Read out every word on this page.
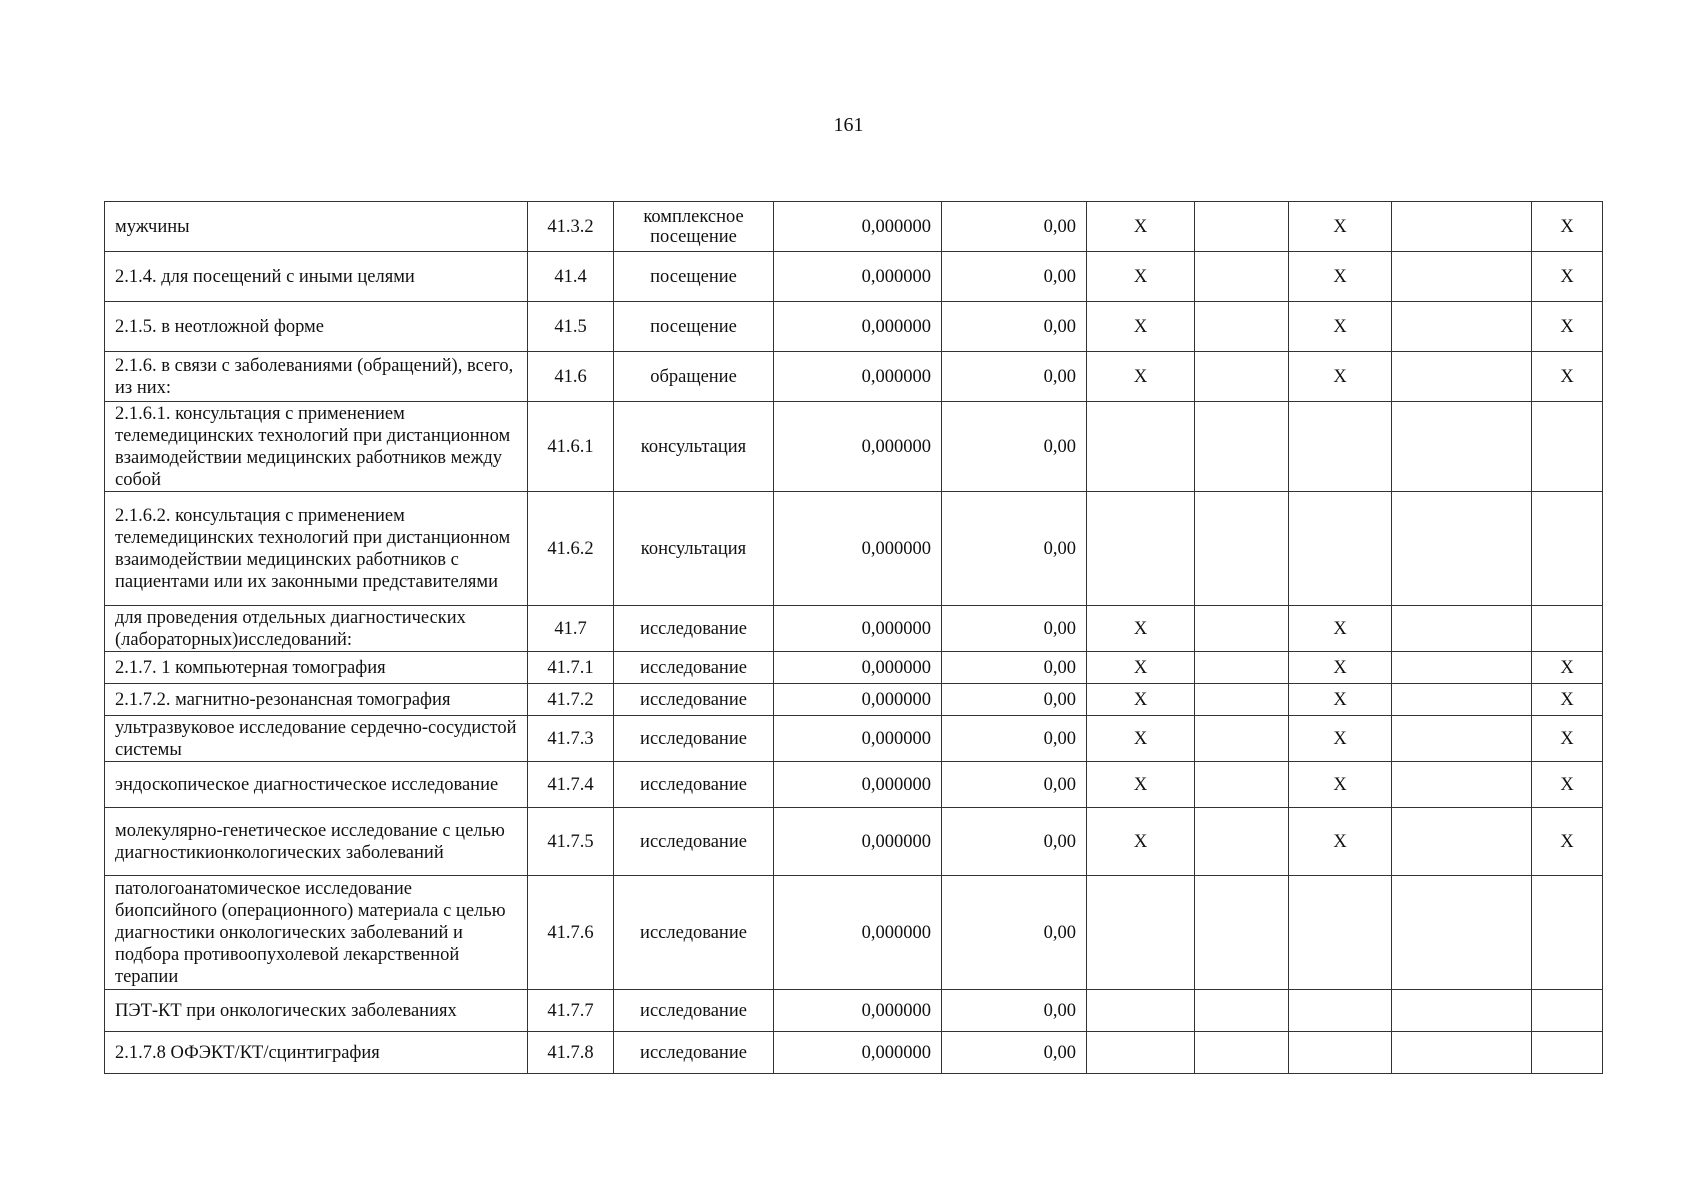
161
мужчины	41.3.2	комплексное посещение	0,000000	0,00	Х		Х		Х
2.1.4. для посещений с иными целями	41.4	посещение	0,000000	0,00	Х		Х		Х
2.1.5. в неотложной форме	41.5	посещение	0,000000	0,00	Х		Х		Х
2.1.6. в связи с заболеваниями (обращений), всего, из них:	41.6	обращение	0,000000	0,00	Х		Х		Х
2.1.6.1. консультация с применением телемедицинских технологий при дистанционном взаимодействии медицинских работников между собой	41.6.1	консультация	0,000000	0,00					
2.1.6.2. консультация с применением телемедицинских технологий при дистанционном взаимодействии медицинских работников с пациентами или их законными представителями	41.6.2	консультация	0,000000	0,00					
для проведения отдельных диагностических (лабораторных)исследований:	41.7	исследование	0,000000	0,00	Х		Х		
2.1.7. 1 компьютерная томография	41.7.1	исследование	0,000000	0,00	Х		Х		Х
2.1.7.2. магнитно-резонансная томография	41.7.2	исследование	0,000000	0,00	Х		Х		Х
ультразвуковое исследование сердечно-сосудистой системы	41.7.3	исследование	0,000000	0,00	Х		Х		Х
эндоскопическое диагностическое исследование	41.7.4	исследование	0,000000	0,00	Х		Х		Х
молекулярно-генетическое исследование с целью диагностикионкологических заболеваний	41.7.5	исследование	0,000000	0,00	Х		Х		Х
патологоанатомическое исследование биопсийного (операционного) материала с целью диагностики онкологических заболеваний и подбора противоопухолевой лекарственной терапии	41.7.6	исследование	0,000000	0,00					
ПЭТ-КТ при онкологических заболеваниях	41.7.7	исследование	0,000000	0,00					
2.1.7.8 ОФЭКТ/КТ/сцинтиграфия	41.7.8	исследование	0,000000	0,00					
